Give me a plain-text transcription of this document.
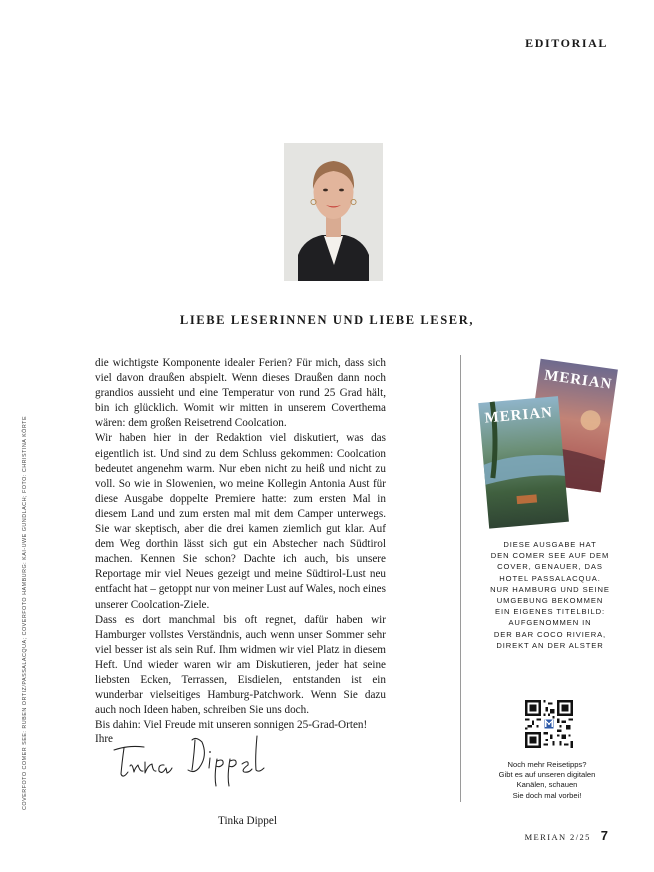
EDITORIAL
LIEBE LESERINNEN UND LIEBE LESER,

die wichtigste Komponente idealer Ferien? Für mich, dass sich viel davon draußen abspielt. Wenn dieses Draußen dann noch grandios aussieht und eine Temperatur von rund 25 Grad hält, bin ich glücklich. Womit wir mitten in unserem Coverthema wären: dem großen Reisetrend Coolcation.

Wir haben hier in der Redaktion viel diskutiert, was das eigentlich ist. Und sind zu dem Schluss gekommen: Coolcation bedeutet angenehm warm. Nur eben nicht zu heiß und nicht zu voll. So wie in Slowenien, wo meine Kollegin Antonia Aust für diese Ausgabe doppelte Premiere hatte: zum ersten Mal in diesem Land und zum ersten mal mit dem Camper unterwegs. Sie war skeptisch, aber die drei kamen ziemlich gut klar. Auf dem Weg dorthin lässt sich gut ein Abstecher nach Südtirol machen. Kennen Sie schon? Dachte ich auch, bis unsere Reportage mir viel Neues gezeigt und meine Südtirol-Lust neu entfacht hat – getoppt nur von meiner Lust auf Wales, noch eines unserer Coolcation-Ziele.

Dass es dort manchmal bis oft regnet, dafür haben wir Hamburger vollstes Verständnis, auch wenn unser Sommer sehr viel besser ist als sein Ruf. Ihm widmen wir viel Platz in diesem Heft. Und wieder waren wir am Diskutieren, jeder hat seine liebsten Ecken, Terrassen, Eisdielen, entstanden ist ein wunderbar vielseitiges Hamburg-Patchwork. Wenn Sie dazu auch noch Ideen haben, schreiben Sie uns doch.

Bis dahin: Viel Freude mit unseren sonnigen 25-Grad-Orten!

Ihre
Tinka Dippel
COVERFOTO COMER SEE: RUBEN ORTIZ/PASSALACQUA; COVERFOTO HAMBURG: KAI-UWE GUNDLACH; FOTO: CHRISTINA KÖRTE
MERIAN
MERIAN

DIESE AUSGABE HAT

DEN COMER SEE AUF DEM

COVER, GENAUER, DAS

HOTEL PASSALACQUA.

NUR HAMBURG UND SEINE

UMGEBUNG BEKOMMEN

EIN EIGENES TITELBILD:

AUFGENOMMEN IN

DER BAR COCO RIVIERA,

DIREKT AN DER ALSTER

Noch mehr Reisetipps?

Gibt es auf unseren digitalen

Kanälen, schauen

Sie doch mal vorbei!

MERIAN 2/25 7
